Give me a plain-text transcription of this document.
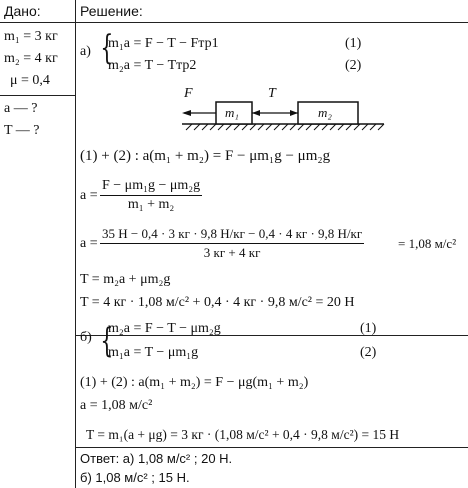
Дано:
m₁ = 3 кг
m₂ = 4 кг
μ = 0,4
a — ?
T — ?
Решение:
а) {
m₁a = F − T − Fтр1	(1)
m₂a = T − Tтр2	(2)
F⃗	T⃗
m₁	m₂
(1) + (2) : a(m₁ + m₂) = F − μm₁g − μm₂g
$a = \frac{\text{F − μm₁g − μm₂g}}{\text{m₁ + m₂}}$
a =
35 Н − 0,4 · 3 кг · 9,8 Н/кг − 0,4 · 4 кг · 9,8 Н/кг
3 кг + 4 кг
= 1,08 м/с²
T = m₂a + μm₂g
T = 4 кг · 1,08 м/с² + 0,4 · 4 кг · 9,8 м/с² = 20 Н
б) {
m₂a = F − T − μm₂g	(1)
m₁a = T − μm₁g	(2)
(1) + (2) : a(m₁ + m₂) = F − μg(m₁ + m₂)
a = 1,08 м/с²
T = m₁(a + μg) = 3 кг · (1,08 м/с² + 0,4 · 9,8 м/с²) = 15 Н
Ответ: а) 1,08 м/с² ; 20 Н.
б) 1,08 м/с² ; 15 Н.
